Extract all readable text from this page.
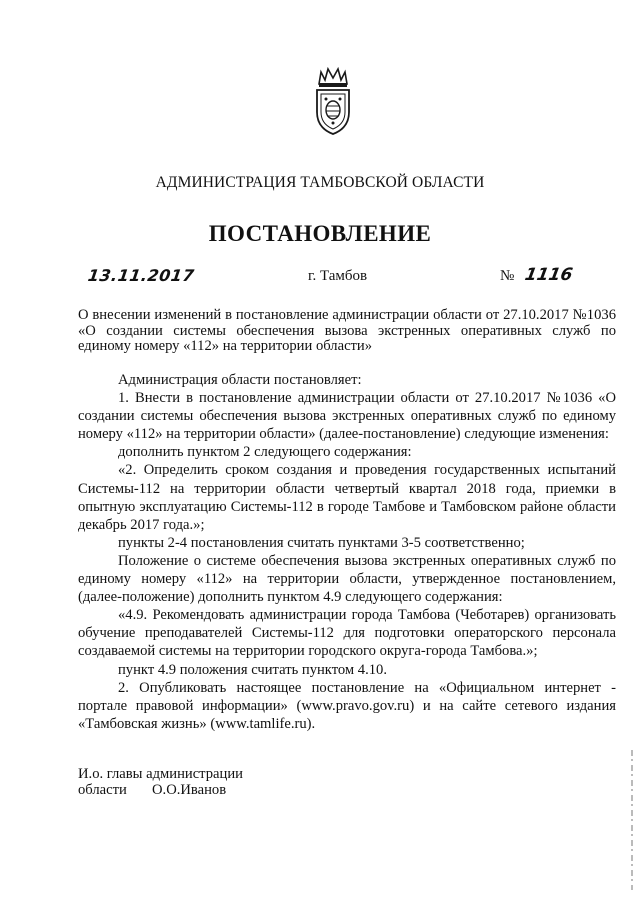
АДМИНИСТРАЦИЯ ТАМБОВСКОЙ ОБЛАСТИ
ПОСТАНОВЛЕНИЕ
13.11.2017	г. Тамбов	№ 1116
О внесении изменений в постановление администрации области от 27.10.2017 №1036 «О создании системы обеспечения вызова экстренных оперативных служб по единому номеру «112» на территории области»

Администрация области постановляет:

1. Внести в постановление администрации области от 27.10.2017 №1036 «О создании системы обеспечения вызова экстренных оперативных служб по единому номеру «112» на территории области» (далее-постановление) следующие изменения:

дополнить пунктом 2 следующего содержания:

«2. Определить сроком создания и проведения государственных испытаний Системы-112 на территории области четвертый квартал 2018 года, приемки в опытную эксплуатацию Системы-112 в городе Тамбове и Тамбовском районе области декабрь 2017 года.»;

пункты 2-4 постановления считать пунктами 3-5 соответственно;

Положение о системе обеспечения вызова экстренных оперативных служб по единому номеру «112» на территории области, утвержденное постановлением, (далее-положение) дополнить пунктом 4.9 следующего содержания:

«4.9. Рекомендовать администрации города Тамбова (Чеботарев) организовать обучение преподавателей Системы-112 для подготовки операторского персонала создаваемой системы на территории городского округа-города Тамбова.»;

пункт 4.9 положения считать пунктом 4.10.

2. Опубликовать настоящее постановление на «Официальном интернет - портале правовой информации» (www.pravo.gov.ru) и на сайте сетевого издания «Тамбовская жизнь» (www.tamlife.ru).

И.о. главы администрации
области О.О.Иванов
